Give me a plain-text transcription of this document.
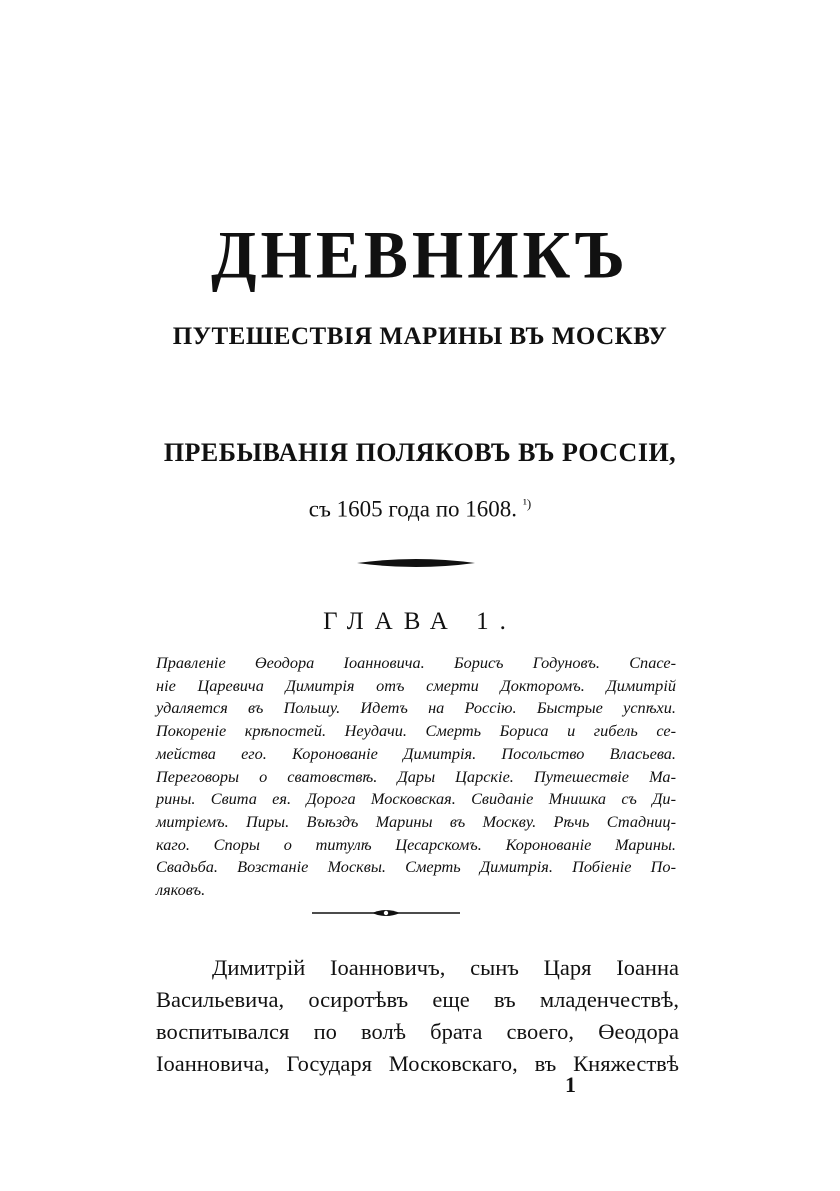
ДНЕВНИКЪ
ПУТЕШЕСТВІЯ МАРИНЫ ВЪ МОСКВУ
ПРЕБЫВАНІЯ ПОЛЯКОВЪ ВЪ РОССІИ,
съ 1605 года по 1608. $^{^1)}$
ГЛАВА 1.
Правленіе Өеодора Іоанновича. Борисъ Годуновъ. Спасе-
ніе Царевича Димитрія отъ смерти Докторомъ. Димитрій
удаляется въ Польшу. Идетъ на Россію. Быстрые успѣхи.
Покореніе крѣпостей. Неудачи. Смерть Бориса и гибель се-
мейства его. Коронованіе Димитрія. Посольство Власьева.
Переговоры о сватовствѣ. Дары Царскіе. Путешествіе Ма-
рины. Свита ея. Дорога Московская. Свиданіе Мнишка съ Ди-
митріемъ. Пиры. Въѣздъ Марины въ Москву. Рѣчь Стадниц-
каго. Споры о титулѣ Цесарскомъ. Коронованіе Марины.
Свадьба. Возстаніе Москвы. Смерть Димитрія. Побіеніе По-
ляковъ.
Димитрій Іоанновичъ, сынъ Царя Іоанна
Васильевича, осиротѣвъ еще въ младенчествѣ,
воспитывался по волѣ брата своего, Өеодора
Іоанновича, Государя Московскаго, въ Княжествѣ
1
